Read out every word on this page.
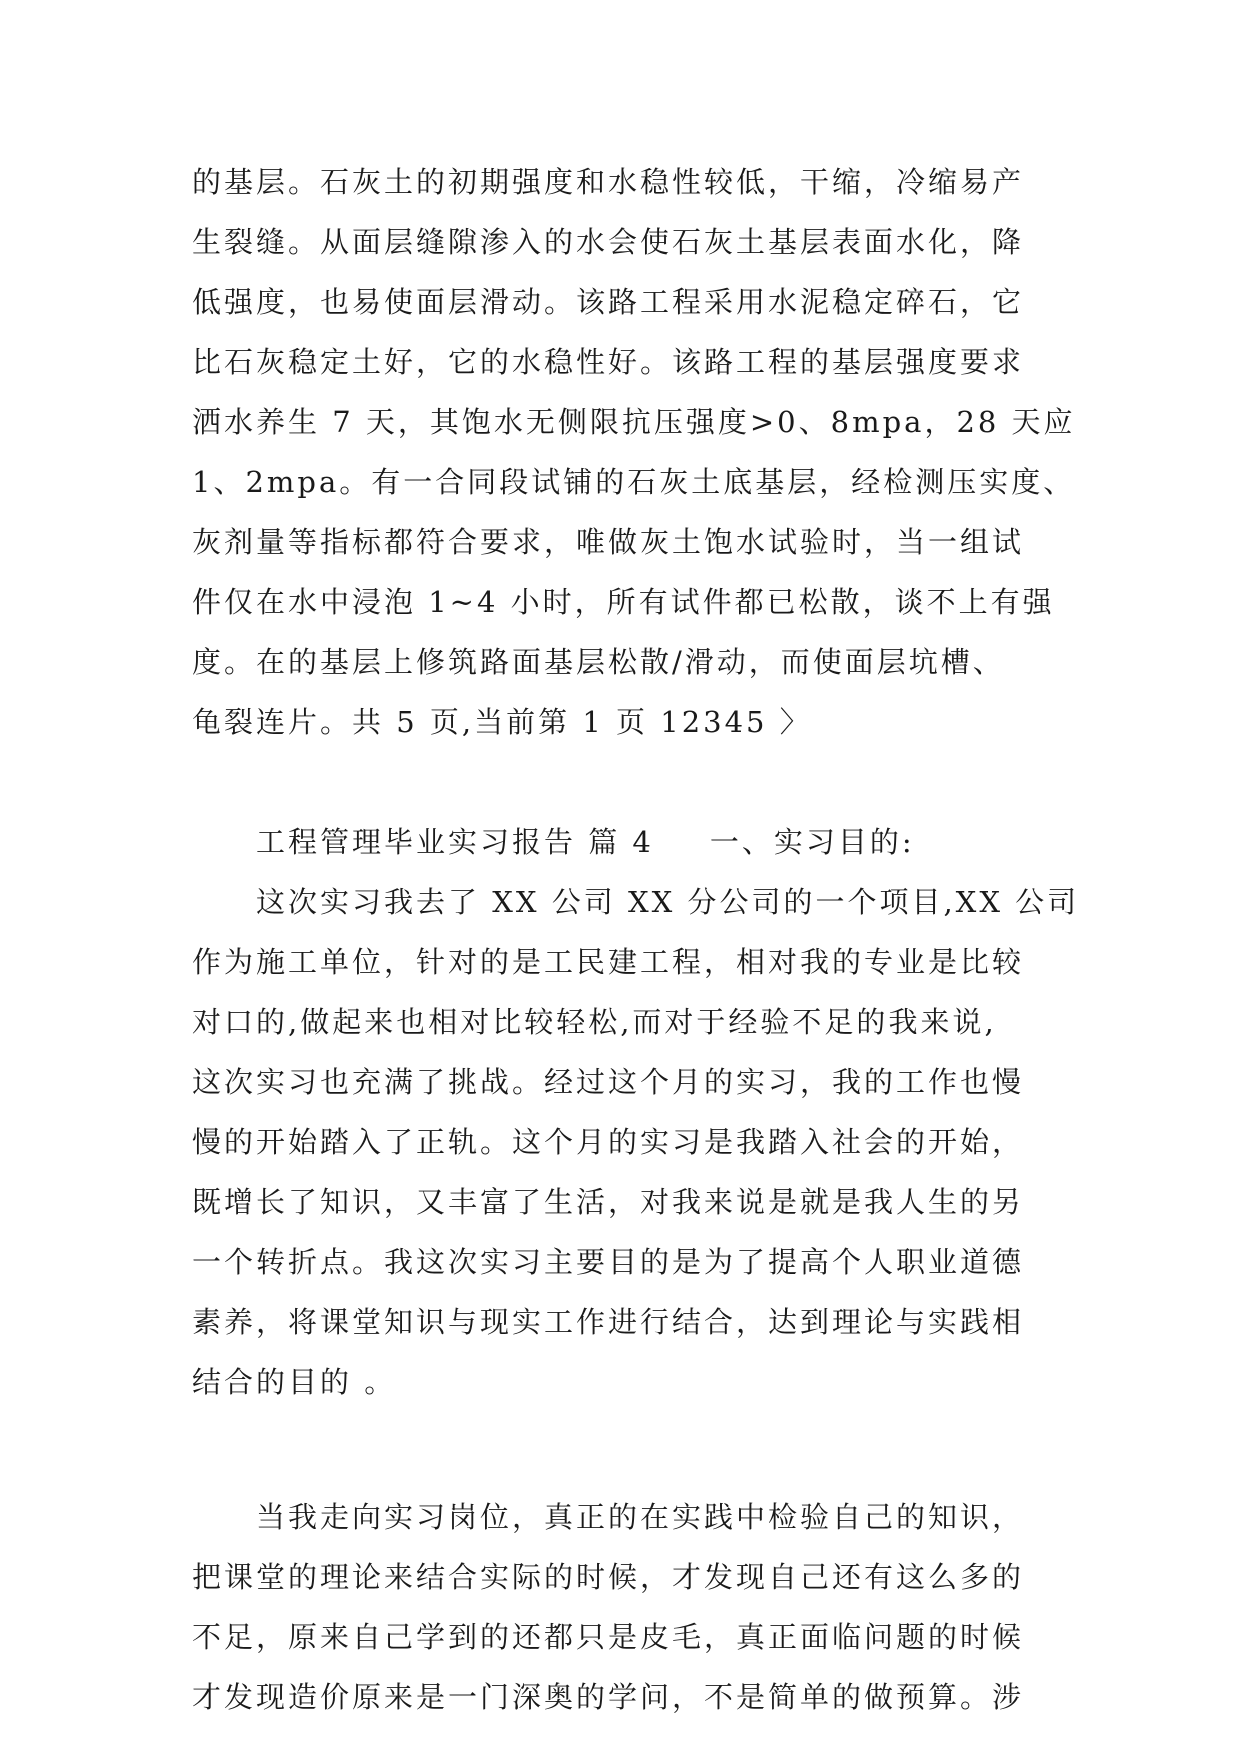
的基层。石灰土的初期强度和水稳性较低，干缩，冷缩易产
生裂缝。从面层缝隙渗入的水会使石灰土基层表面水化，降
低强度，也易使面层滑动。该路工程采用水泥稳定碎石，它
比石灰稳定土好，它的水稳性好。该路工程的基层强度要求
洒水养生 7 天，其饱水无侧限抗压强度>0、8mpa，28 天应
1、2mpa。有一合同段试铺的石灰土底基层，经检测压实度、
灰剂量等指标都符合要求，唯做灰土饱水试验时，当一组试
件仅在水中浸泡 1~4 小时，所有试件都已松散，谈不上有强
度。在的基层上修筑路面基层松散/滑动，而使面层坑槽、
龟裂连片。共 5 页,当前第 1 页 12345 〉
工程管理毕业实习报告 篇 4 一、实习目的:
这次实习我去了 XX 公司 XX 分公司的一个项目,XX 公司
作为施工单位，针对的是工民建工程，相对我的专业是比较
对口的,做起来也相对比较轻松,而对于经验不足的我来说,
这次实习也充满了挑战。经过这个月的实习，我的工作也慢
慢的开始踏入了正轨。这个月的实习是我踏入社会的开始，
既增长了知识，又丰富了生活，对我来说是就是我人生的另
一个转折点。我这次实习主要目的是为了提高个人职业道德
素养，将课堂知识与现实工作进行结合，达到理论与实践相
结合的目的 。
当我走向实习岗位，真正的在实践中检验自己的知识，
把课堂的理论来结合实际的时候，才发现自己还有这么多的
不足，原来自己学到的还都只是皮毛，真正面临问题的时候
才发现造价原来是一门深奥的学问，不是简单的做预算。涉
